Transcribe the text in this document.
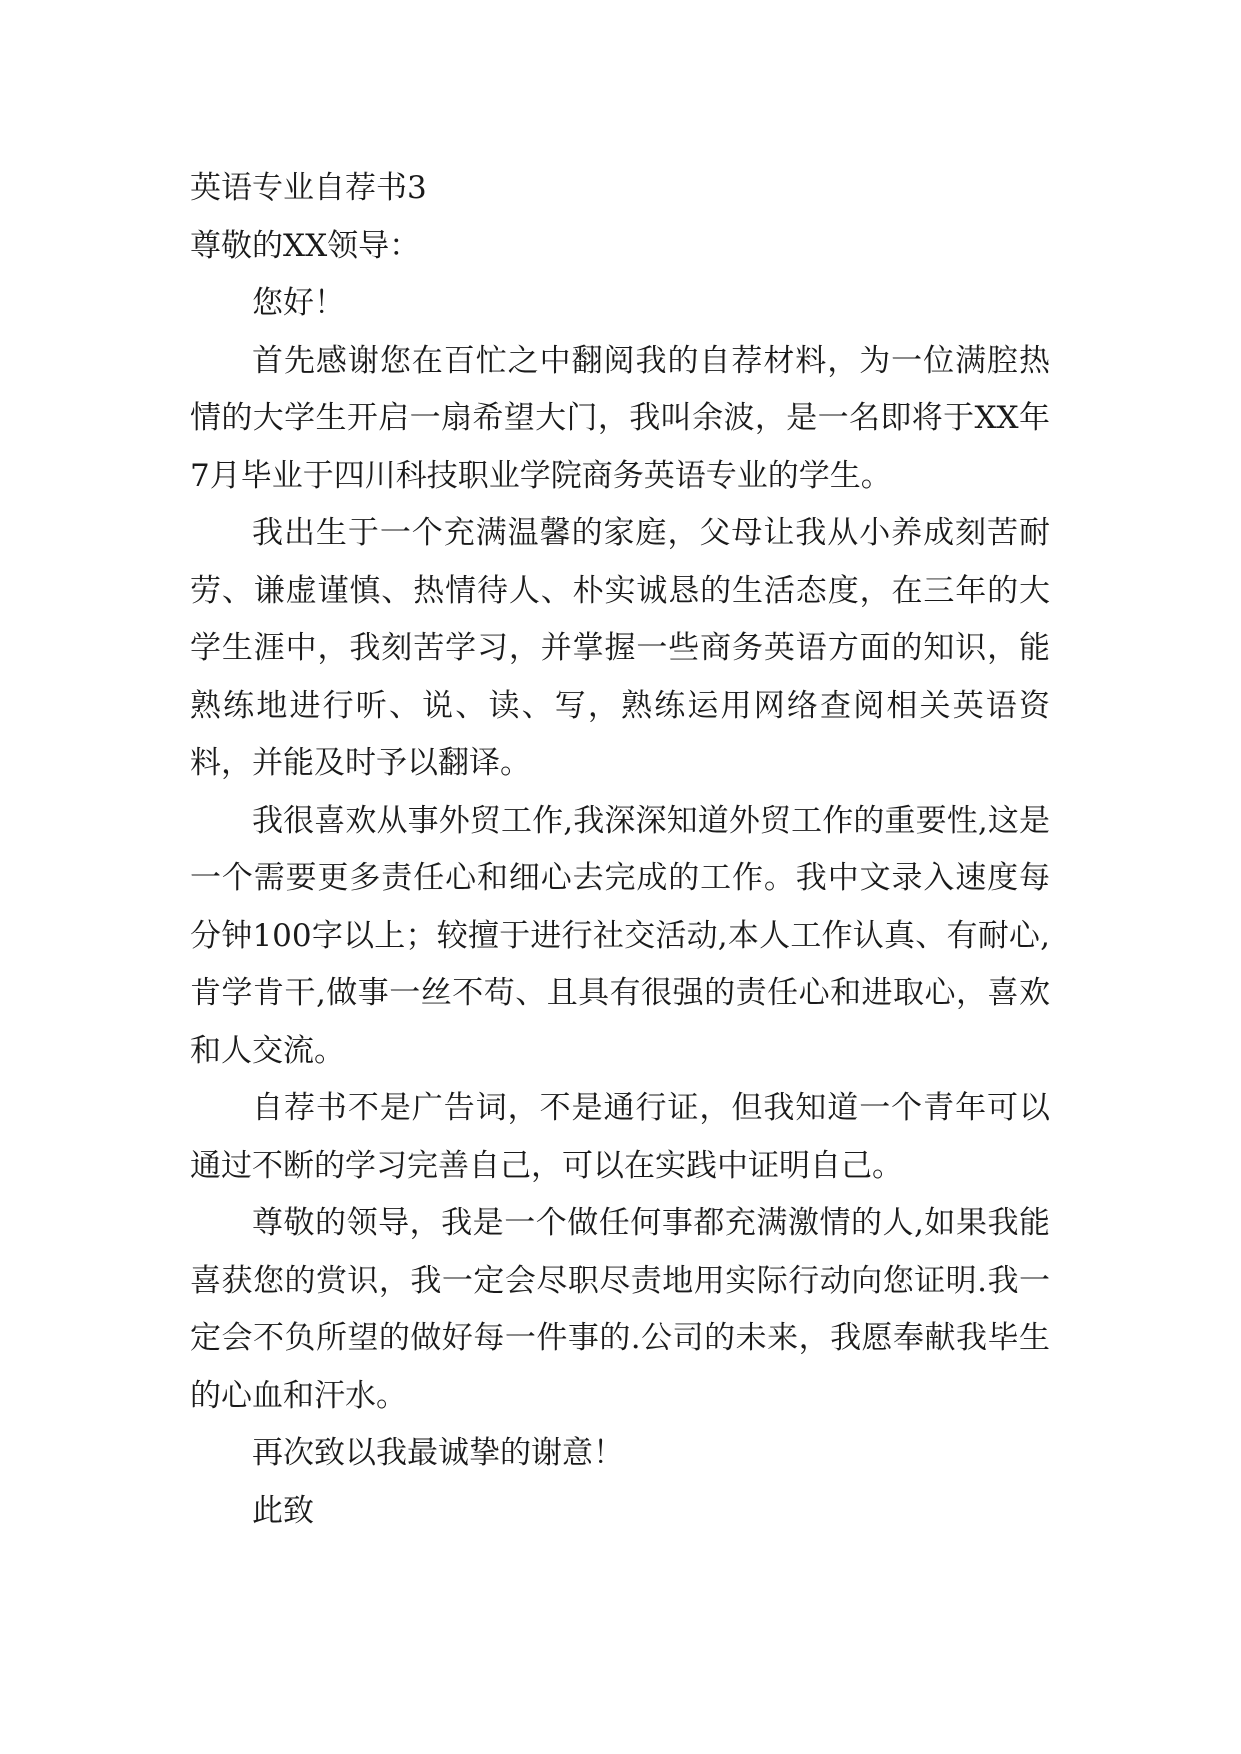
英语专业自荐书3

尊敬的XX领导：

您好！

首先感谢您在百忙之中翻阅我的自荐材料，为一位满腔热情的大学生开启一扇希望大门，我叫余波，是一名即将于XX年7月毕业于四川科技职业学院商务英语专业的学生。

我出生于一个充满温馨的家庭，父母让我从小养成刻苦耐劳、谦虚谨慎、热情待人、朴实诚恳的生活态度，在三年的大学生涯中，我刻苦学习，并掌握一些商务英语方面的知识，能熟练地进行听、说、读、写，熟练运用网络查阅相关英语资料，并能及时予以翻译。

我很喜欢从事外贸工作,我深深知道外贸工作的重要性,这是一个需要更多责任心和细心去完成的工作。我中文录入速度每分钟100字以上；较擅于进行社交活动,本人工作认真、有耐心,肯学肯干,做事一丝不苟、且具有很强的责任心和进取心，喜欢和人交流。

自荐书不是广告词，不是通行证，但我知道一个青年可以通过不断的学习完善自己，可以在实践中证明自己。

尊敬的领导，我是一个做任何事都充满激情的人,如果我能喜获您的赏识，我一定会尽职尽责地用实际行动向您证明.我一定会不负所望的做好每一件事的.公司的未来，我愿奉献我毕生的心血和汗水。

再次致以我最诚挚的谢意！

此致
